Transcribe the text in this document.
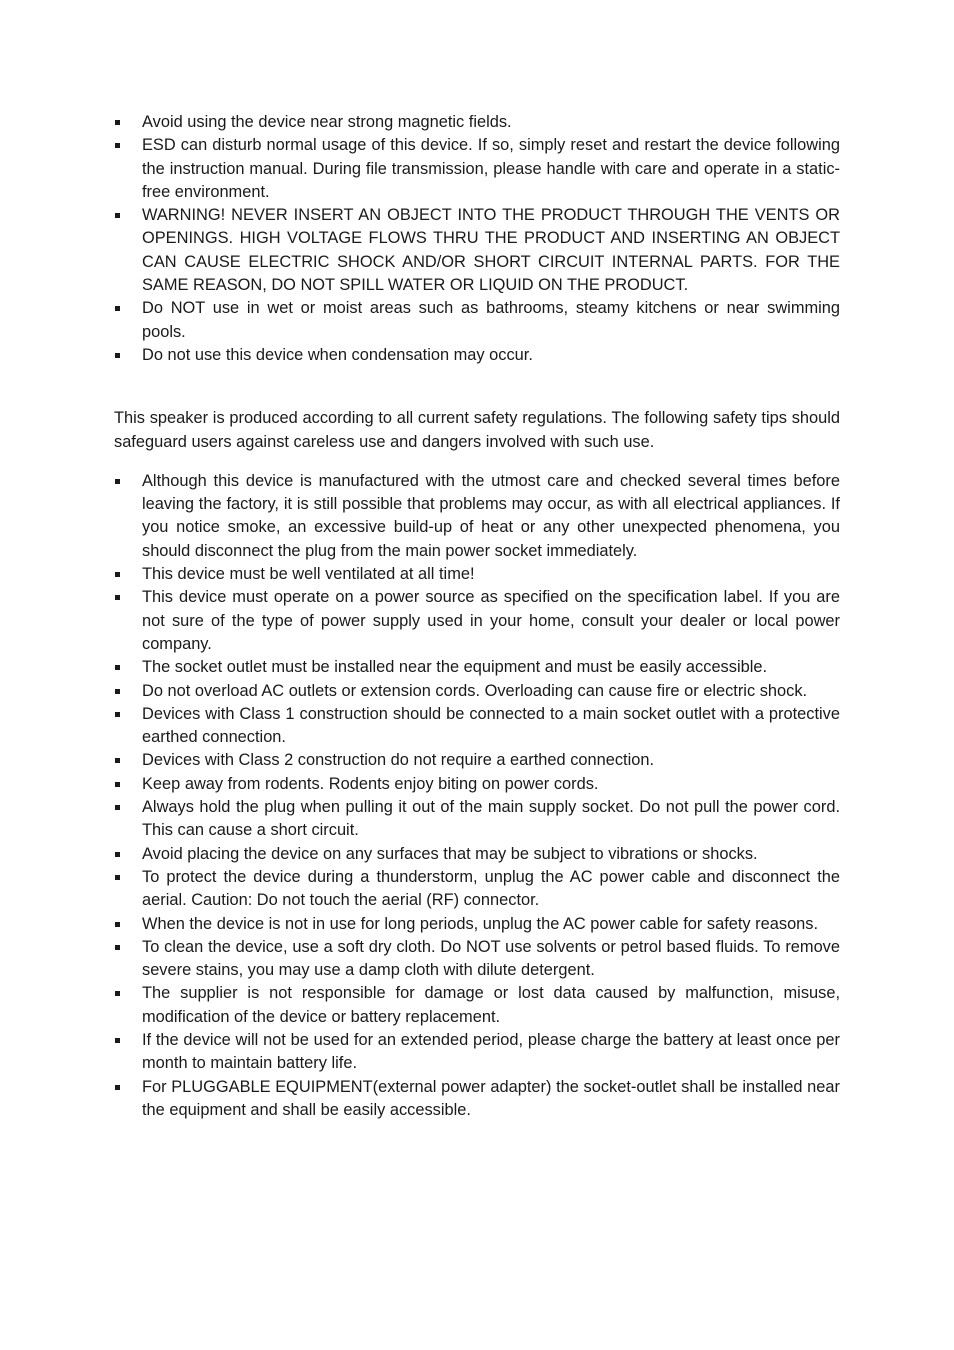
Avoid using the device near strong magnetic fields.
ESD can disturb normal usage of this device. If so, simply reset and restart the device following the instruction manual. During file transmission, please handle with care and operate in a static-free environment.
WARNING! NEVER INSERT AN OBJECT INTO THE PRODUCT THROUGH THE VENTS OR OPENINGS. HIGH VOLTAGE FLOWS THRU THE PRODUCT AND INSERTING AN OBJECT CAN CAUSE ELECTRIC SHOCK AND/OR SHORT CIRCUIT INTERNAL PARTS. FOR THE SAME REASON, DO NOT SPILL WATER OR LIQUID ON THE PRODUCT.
Do NOT use in wet or moist areas such as bathrooms, steamy kitchens or near swimming pools.
Do not use this device when condensation may occur.

This speaker is produced according to all current safety regulations. The following safety tips should safeguard users against careless use and dangers involved with such use.

Although this device is manufactured with the utmost care and checked several times before leaving the factory, it is still possible that problems may occur, as with all electrical appliances. If you notice smoke, an excessive build-up of heat or any other unexpected phenomena, you should disconnect the plug from the main power socket immediately.
This device must be well ventilated at all time!
This device must operate on a power source as specified on the specification label. If you are not sure of the type of power supply used in your home, consult your dealer or local power company.
The socket outlet must be installed near the equipment and must be easily accessible.
Do not overload AC outlets or extension cords. Overloading can cause fire or electric shock.
Devices with Class 1 construction should be connected to a main socket outlet with a protective earthed connection.
Devices with Class 2 construction do not require a earthed connection.
Keep away from rodents. Rodents enjoy biting on power cords.
Always hold the plug when pulling it out of the main supply socket. Do not pull the power cord. This can cause a short circuit.
Avoid placing the device on any surfaces that may be subject to vibrations or shocks.
To protect the device during a thunderstorm, unplug the AC power cable and disconnect the aerial. Caution: Do not touch the aerial (RF) connector.
When the device is not in use for long periods, unplug the AC power cable for safety reasons.
To clean the device, use a soft dry cloth. Do NOT use solvents or petrol based fluids. To remove severe stains, you may use a damp cloth with dilute detergent.
The supplier is not responsible for damage or lost data caused by malfunction, misuse, modification of the device or battery replacement.
If the device will not be used for an extended period, please charge the battery at least once per month to maintain battery life.
For PLUGGABLE EQUIPMENT(external power adapter) the socket-outlet shall be installed near the equipment and shall be easily accessible.
